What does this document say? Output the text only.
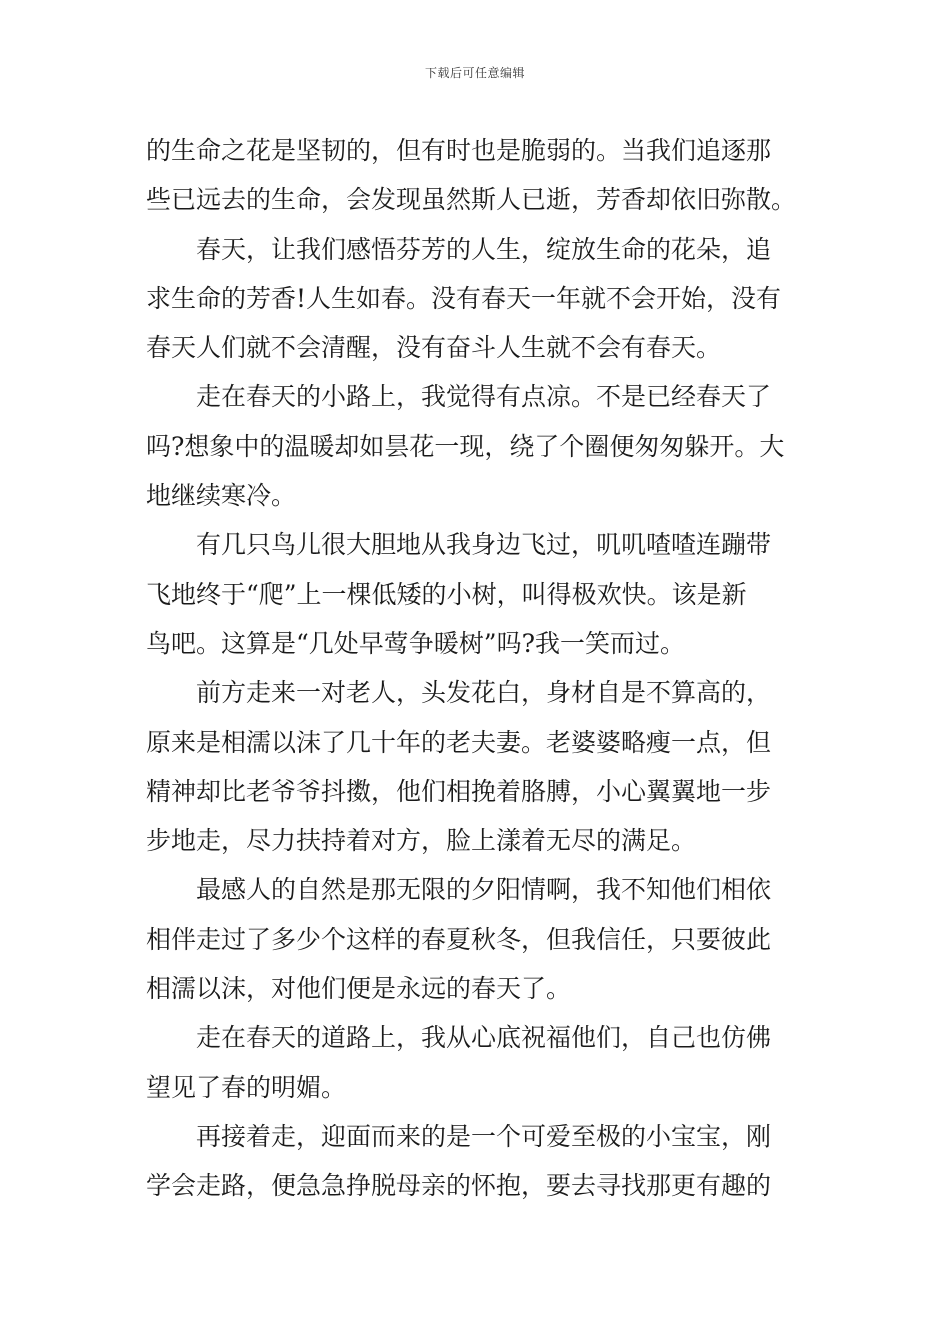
下载后可任意编辑
的生命之花是坚韧的，但有时也是脆弱的。当我们追逐那
些已远去的生命，会发现虽然斯人已逝，芳香却依旧弥散。
春天，让我们感悟芬芳的人生，绽放生命的花朵，追
求生命的芳香!人生如春。没有春天一年就不会开始，没有
春天人们就不会清醒，没有奋斗人生就不会有春天。
走在春天的小路上，我觉得有点凉。不是已经春天了
吗?想象中的温暖却如昙花一现，绕了个圈便匆匆躲开。大
地继续寒冷。
有几只鸟儿很大胆地从我身边飞过，叽叽喳喳连蹦带
飞地终于“爬”上一棵低矮的小树，叫得极欢快。该是新
鸟吧。这算是“几处早莺争暖树”吗?我一笑而过。
前方走来一对老人，头发花白，身材自是不算高的，
原来是相濡以沫了几十年的老夫妻。老婆婆略瘦一点，但
精神却比老爷爷抖擞，他们相挽着胳膊，小心翼翼地一步
步地走，尽力扶持着对方，脸上漾着无尽的满足。
最感人的自然是那无限的夕阳情啊，我不知他们相依
相伴走过了多少个这样的春夏秋冬，但我信任，只要彼此
相濡以沫，对他们便是永远的春天了。
走在春天的道路上，我从心底祝福他们，自己也仿佛
望见了春的明媚。
再接着走，迎面而来的是一个可爱至极的小宝宝，刚
学会走路，便急急挣脱母亲的怀抱，要去寻找那更有趣的
